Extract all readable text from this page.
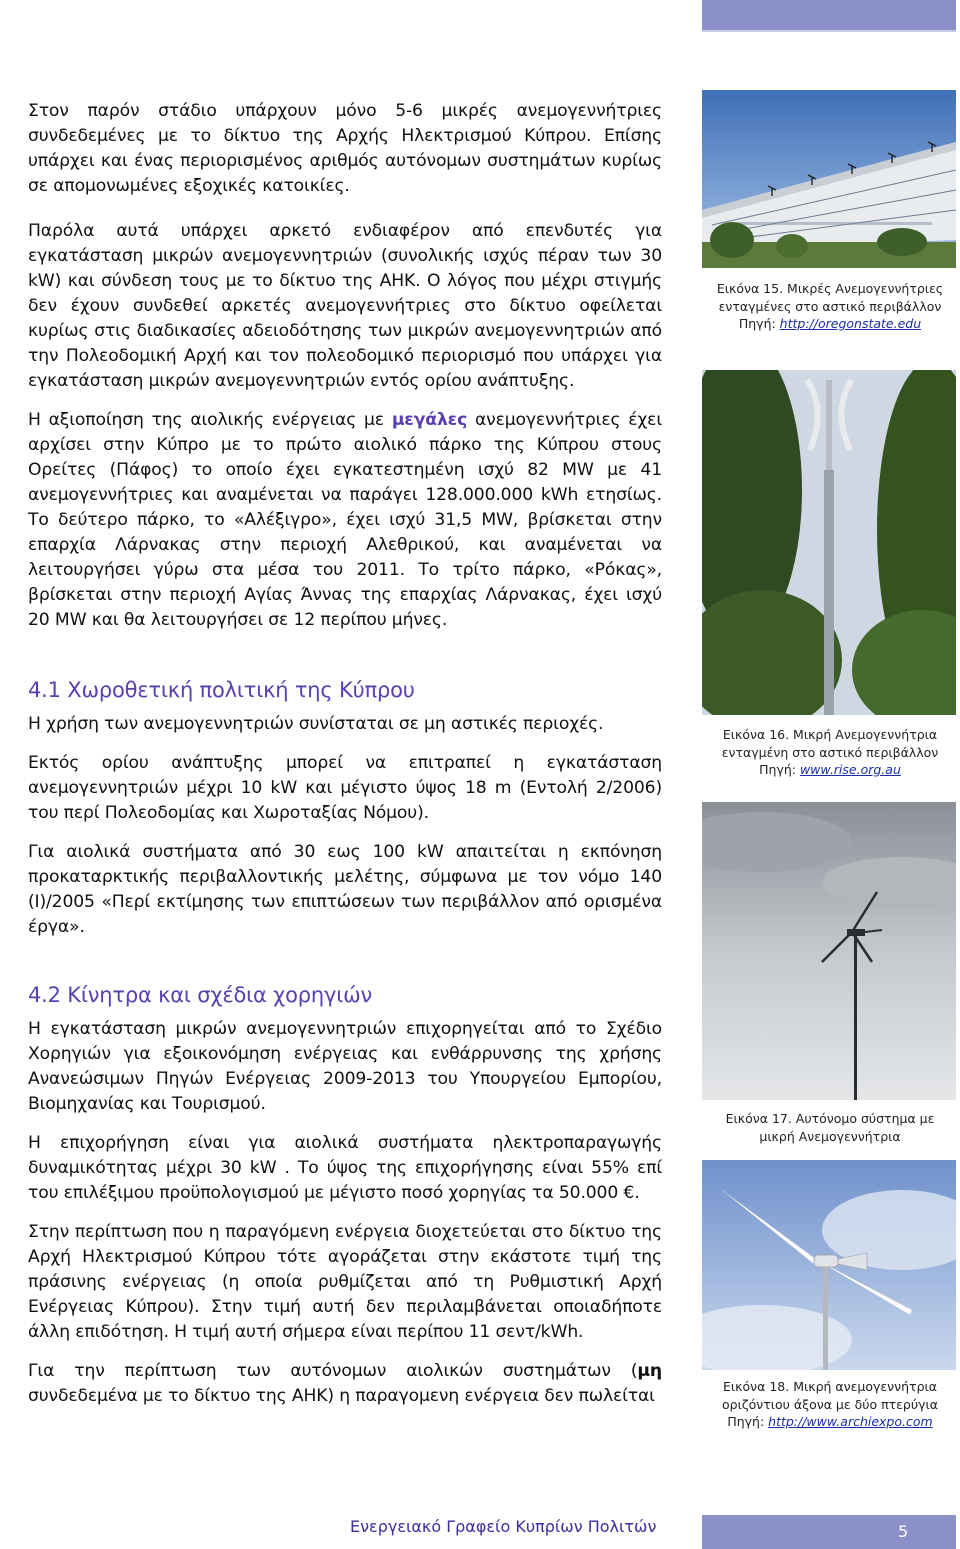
Εικόνα 15. Μικρές Ανεμογεννήτριες ενταγμένες στο αστικό περιβάλλον
Πηγή: http://oregonstate.edu
Εικόνα 16. Μικρή Ανεμογεννήτρια ενταγμένη στο αστικό περιβάλλον
Πηγή: www.rise.org.au
Εικόνα 17. Αυτόνομο σύστημα με μικρή Ανεμογεννήτρια
Εικόνα 18. Μικρή ανεμογεννήτρια οριζόντιου άξονα με δύο πτερύγια
Πηγή: http://www.archiexpo.com

Στον παρόν στάδιο υπάρχουν μόνο 5-6 μικρές ανεμογεννήτριες συνδεδεμένες με το δίκτυο της Αρχής Ηλεκτρισμού Κύπρου. Επίσης υπάρχει και ένας περιορισμένος αριθμός αυτόνομων συστημάτων κυρίως σε απομονωμένες εξοχικές κατοικίες.

Παρόλα αυτά υπάρχει αρκετό ενδιαφέρον από επενδυτές για εγκατάσταση μικρών ανεμογεννητριών (συνολικής ισχύς πέραν των 30 kW) και σύνδεση τους με το δίκτυο της ΑΗΚ. Ο λόγος που μέχρι στιγμής δεν έχουν συνδεθεί αρκετές ανεμογεννήτριες στο δίκτυο οφείλεται κυρίως στις διαδικασίες αδειοδότησης των μικρών ανεμογεννητριών από την Πολεοδομική Αρχή και τον πολεοδομικό περιορισμό που υπάρχει για εγκατάσταση μικρών ανεμογεννητριών εντός ορίου ανάπτυξης.

Η αξιοποίηση της αιολικής ενέργειας με μεγάλες ανεμογεννήτριες έχει αρχίσει στην Κύπρο με το πρώτο αιολικό πάρκο της Κύπρου στους Ορείτες (Πάφος) το οποίο έχει εγκατεστημένη ισχύ 82 MW με 41 ανεμογεννήτριες και αναμένεται να παράγει 128.000.000 kWh ετησίως. Το δεύτερο πάρκο, το «Αλέξιγρο», έχει ισχύ 31,5 MW, βρίσκεται στην επαρχία Λάρνακας στην περιοχή Αλεθρικού, και αναμένεται να λειτουργήσει γύρω στα μέσα του 2011. Το τρίτο πάρκο, «Ρόκας», βρίσκεται στην περιοχή Αγίας Άννας της επαρχίας Λάρνακας, έχει ισχύ 20 MW και θα λειτουργήσει σε 12 περίπου μήνες.

4.1 Χωροθετική πολιτική της Κύπρου

Η χρήση των ανεμογεννητριών συνίσταται σε μη αστικές περιοχές.

Εκτός ορίου ανάπτυξης μπορεί να επιτραπεί η εγκατάσταση ανεμογεννητριών μέχρι 10 kW και μέγιστο ύψος 18 m (Εντολή 2/2006) του περί Πολεοδομίας και Χωροταξίας Νόμου).

Για αιολικά συστήματα από 30 εως 100 kW απαιτείται η εκπόνηση προκαταρκτικής περιβαλλοντικής μελέτης, σύμφωνα με τον νόμο 140 (Ι)/2005 «Περί εκτίμησης των επιπτώσεων των περιβάλλον από ορισμένα έργα».

4.2 Κίνητρα και σχέδια χορηγιών

Η εγκατάσταση μικρών ανεμογεννητριών επιχορηγείται από το Σχέδιο Χορηγιών για εξοικονόμηση ενέργειας και ενθάρρυνσης της χρήσης Ανανεώσιμων Πηγών Ενέργειας 2009-2013 του Υπουργείου Εμπορίου, Βιομηχανίας και Τουρισμού.

Η επιχορήγηση είναι για αιολικά συστήματα ηλεκτροπαραγωγής δυναμικότητας μέχρι 30 kW . Το ύψος της επιχορήγησης είναι 55% επί του επιλέξιμου προϋπολογισμού με μέγιστο ποσό χορηγίας τα 50.000 €.

Στην περίπτωση που η παραγόμενη ενέργεια διοχετεύεται στο δίκτυο της Αρχή Ηλεκτρισμού Κύπρου τότε αγοράζεται στην εκάστοτε τιμή της πράσινης ενέργειας (η οποία ρυθμίζεται από τη Ρυθμιστική Αρχή Ενέργειας Κύπρου). Στην τιμή αυτή δεν περιλαμβάνεται οποιαδήποτε άλλη επιδότηση. Η τιμή αυτή σήμερα είναι περίπου 11 σεντ/kWh.

Για την περίπτωση των αυτόνομων αιολικών συστημάτων (μη συνδεδεμένα με το δίκτυο της ΑΗΚ) η παραγομενη ενέργεια δεν πωλείται

5
Ενεργειακό Γραφείο Κυπρίων Πολιτών
